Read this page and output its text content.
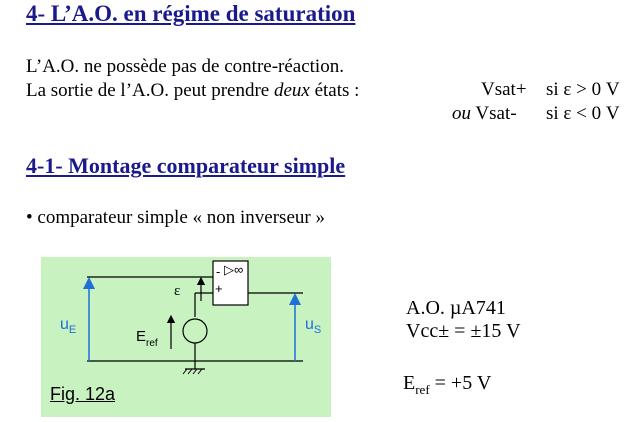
4- L’A.O. en régime de saturation
L’A.O. ne possède pas de contre-réaction.
La sortie de l’A.O. peut prendre deux états :	Vsat+ si ε > 0 V
ou Vsat- si ε < 0 V
4-1- Montage comparateur simple
• comparateur simple « non inverseur »
▷∞
-
+
ε
$u_E$	$u_S$
$E_{ref}$
Fig. 12a
A.O. µA741
Vcc± = ±15 V
$E_{ref} = +5$ V
